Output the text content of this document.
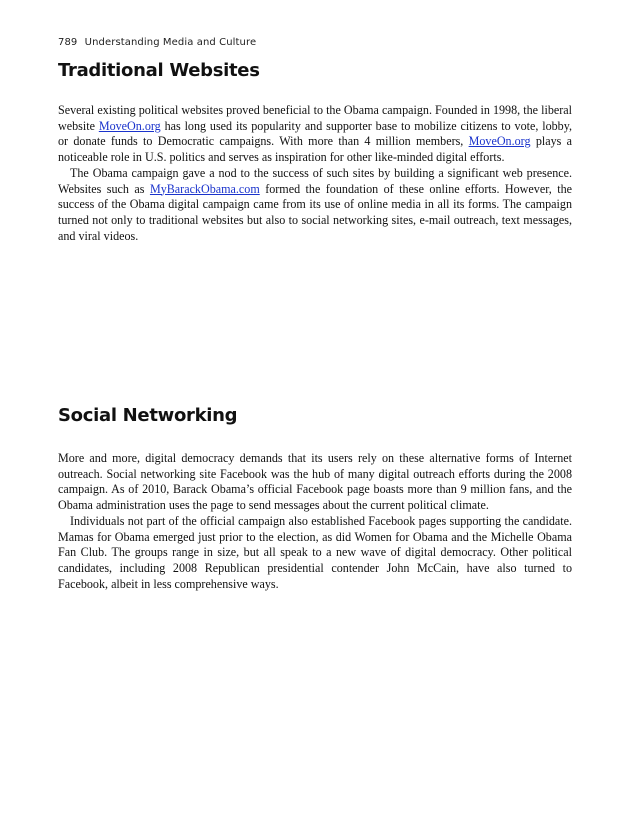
789 Understanding Media and Culture
Traditional Websites

Several existing political websites proved beneficial to the Obama campaign. Founded in 1998, the liberal website MoveOn.org has long used its popularity and supporter base to mobilize citizens to vote, lobby, or donate funds to Democratic campaigns. With more than 4 million members, MoveOn.org plays a noticeable role in U.S. politics and serves as inspiration for other like-minded digital efforts.

The Obama campaign gave a nod to the success of such sites by building a significant web presence. Websites such as MyBarackObama.com formed the foundation of these online efforts. However, the success of the Obama digital campaign came from its use of online media in all its forms. The campaign turned not only to traditional websites but also to social networking sites, e-mail outreach, text messages, and viral videos.

Social Networking

More and more, digital democracy demands that its users rely on these alternative forms of Internet outreach. Social networking site Facebook was the hub of many digital outreach efforts during the 2008 campaign. As of 2010, Barack Obama’s official Facebook page boasts more than 9 million fans, and the Obama administration uses the page to send messages about the current political climate.

Individuals not part of the official campaign also established Facebook pages supporting the candidate. Mamas for Obama emerged just prior to the election, as did Women for Obama and the Michelle Obama Fan Club. The groups range in size, but all speak to a new wave of digital democracy. Other political candidates, including 2008 Republican presidential contender John McCain, have also turned to Facebook, albeit in less comprehensive ways.
